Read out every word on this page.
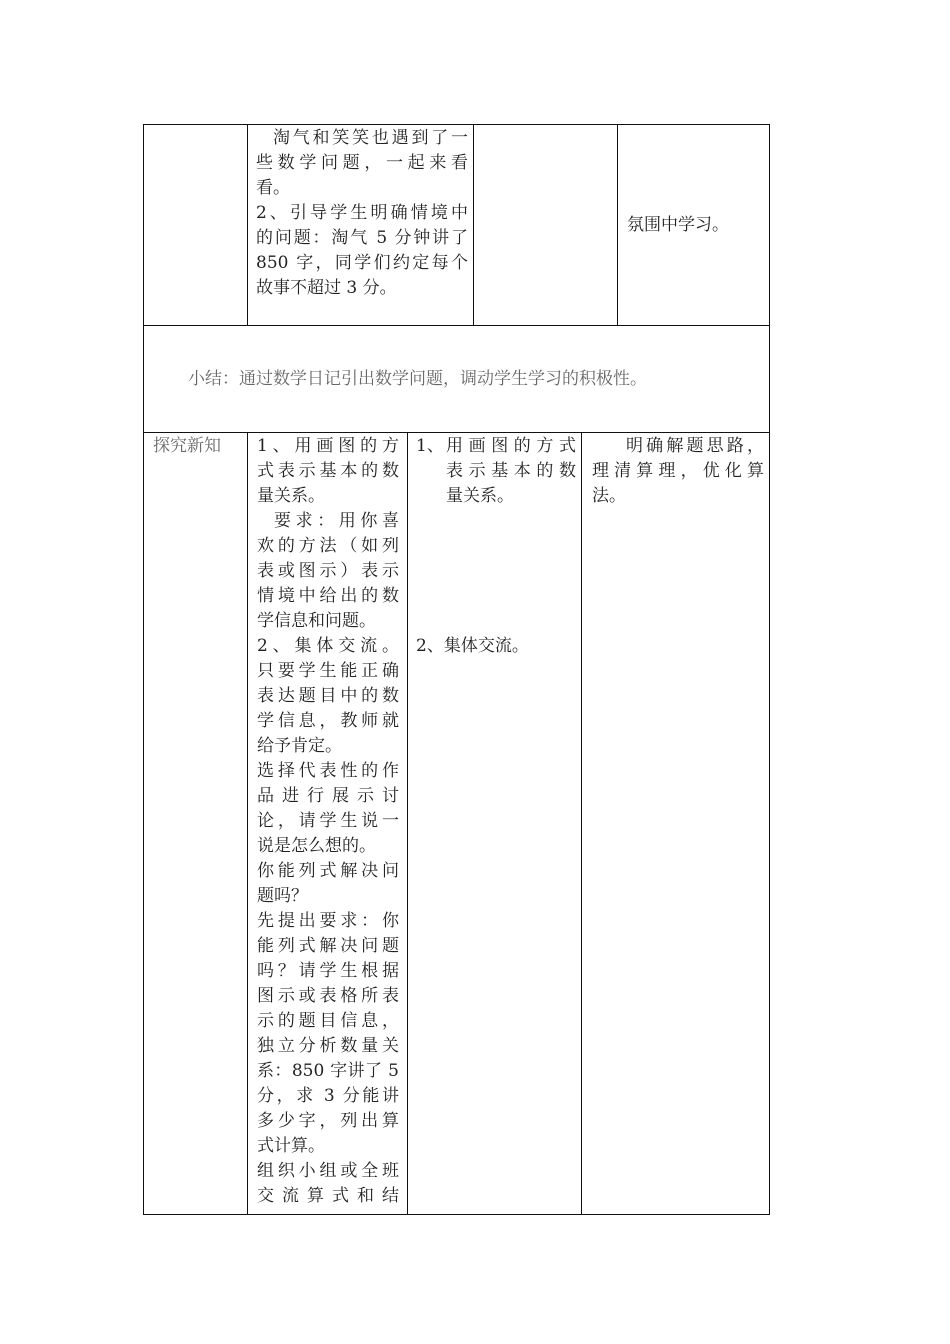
淘气和笑笑也遇到了一
些数学问题，一起来看
看。
2、引导学生明确情境中
的问题：淘气 5 分钟讲了
850 字，同学们约定每个
故事不超过 3 分。
氛围中学习。
小结：通过数学日记引出数学问题，调动学生学习的积极性。
探究新知	1、用画图的方
式表示基本的数
量关系。
要求：用你喜
欢的方法（如列
表或图示）表示
情境中给出的数
学信息和问题。
2、集体交流。
只要学生能正确
表达题目中的数
学信息，教师就
给予肯定。
选择代表性的作
品进行展示讨
论，请学生说一
说是怎么想的。
你能列式解决问
题吗？
先提出要求：你
能列式解决问题
吗？请学生根据
图示或表格所表
示的题目信息，
独立分析数量关
系：850 字讲了 5
分，求 3 分能讲
多少字，列出算
式计算。
组织小组或全班
交流算式和结
1、 用画图的方式
表示基本的数
量关系。
2、集体交流。
明确解题思路，
理清算理，优化算
法。
